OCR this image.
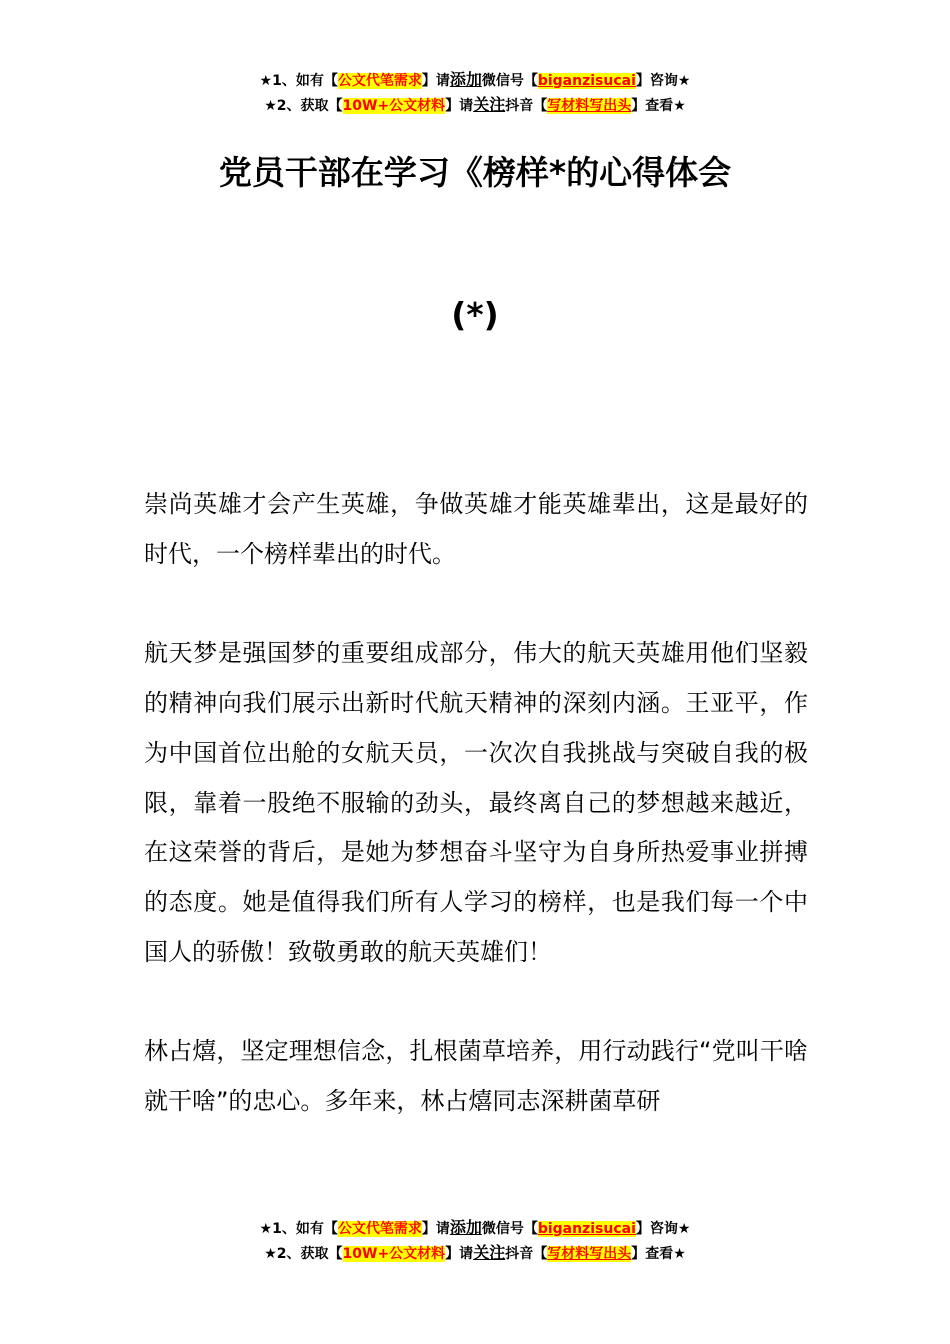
★1、如有【公文代笔需求】请添加微信号【biganzisucai】咨询★
★2、获取【10W+公文材料】请关注抖音【写材料写出头】查看★
党员干部在学习《榜样*的心得体会
(*)

崇尚英雄才会产生英雄，争做英雄才能英雄辈出，这是最好的时代，一个榜样辈出的时代。

航天梦是强国梦的重要组成部分，伟大的航天英雄用他们坚毅的精神向我们展示出新时代航天精神的深刻内涵。王亚平，作为中国首位出舱的女航天员，一次次自我挑战与突破自我的极限，靠着一股绝不服输的劲头，最终离自己的梦想越来越近，在这荣誉的背后，是她为梦想奋斗坚守为自身所热爱事业拼搏的态度。她是值得我们所有人学习的榜样，也是我们每一个中国人的骄傲！致敬勇敢的航天英雄们！

林占熺，坚定理想信念，扎根菌草培养，用行动践行“党叫干啥就干啥”的忠心。多年来，林占熺同志深耕菌草研

★1、如有【公文代笔需求】请添加微信号【biganzisucai】咨询★
★2、获取【10W+公文材料】请关注抖音【写材料写出头】查看★
